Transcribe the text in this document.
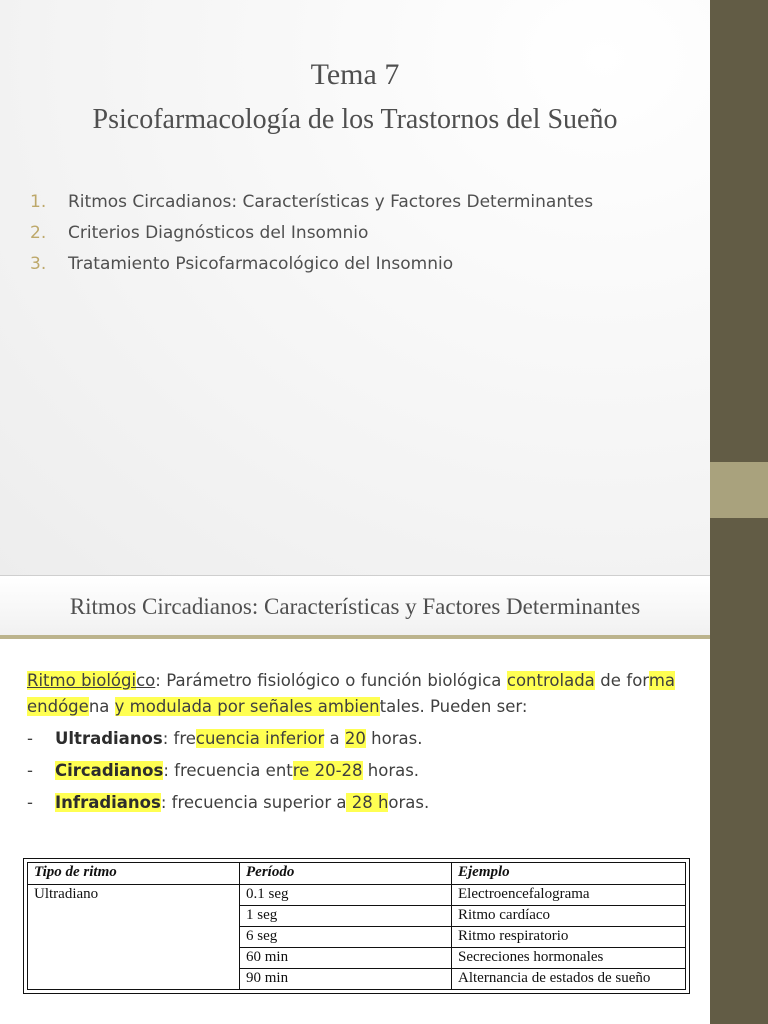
Tema 7
Psicofarmacología de los Trastornos del Sueño
1. Ritmos Circadianos: Características y Factores Determinantes
2. Criterios Diagnósticos del Insomnio
3. Tratamiento Psicofarmacológico del Insomnio
Ritmos Circadianos: Características y Factores Determinantes
Ritmo biológico: Parámetro fisiológico o función biológica controlada de forma endógena y modulada por señales ambientales. Pueden ser:
- Ultradianos: frecuencia inferior a 20 horas.
- Circadianos: frecuencia entre 20-28 horas.
- Infradianos: frecuencia superior a 28 horas.
Tipo de ritmo	Período	Ejemplo
Ultradiano	0.1 seg	Electroencefalograma
	1 seg	Ritmo cardíaco
	6 seg	Ritmo respiratorio
	60 min	Secreciones hormonales
	90 min	Alternancia de estados de sueño
